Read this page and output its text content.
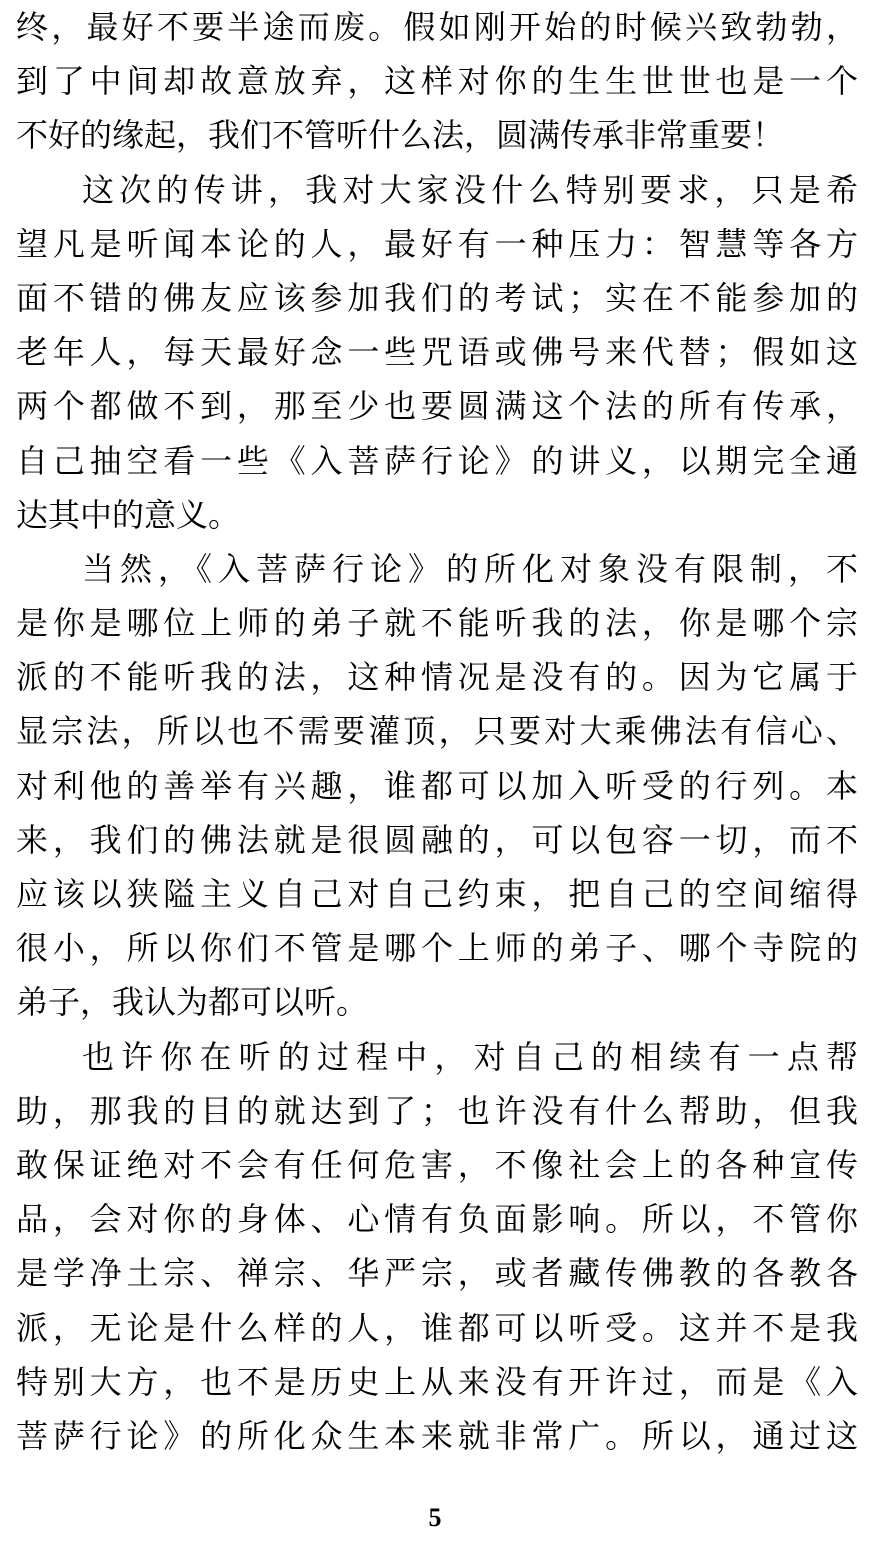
终，最好不要半途而废。假如刚开始的时候兴致勃勃，
到了中间却故意放弃，这样对你的生生世世也是一个
不好的缘起，我们不管听什么法，圆满传承非常重要！
这次的传讲，我对大家没什么特别要求，只是希
望凡是听闻本论的人，最好有一种压力：智慧等各方
面不错的佛友应该参加我们的考试；实在不能参加的
老年人，每天最好念一些咒语或佛号来代替；假如这
两个都做不到，那至少也要圆满这个法的所有传承，
自己抽空看一些《入菩萨行论》的讲义，以期完全通
达其中的意义。
当然，《入菩萨行论》的所化对象没有限制，不
是你是哪位上师的弟子就不能听我的法，你是哪个宗
派的不能听我的法，这种情况是没有的。因为它属于
显宗法，所以也不需要灌顶，只要对大乘佛法有信心、
对利他的善举有兴趣，谁都可以加入听受的行列。本
来，我们的佛法就是很圆融的，可以包容一切，而不
应该以狭隘主义自己对自己约束，把自己的空间缩得
很小，所以你们不管是哪个上师的弟子、哪个寺院的
弟子，我认为都可以听。
也许你在听的过程中，对自己的相续有一点帮
助，那我的目的就达到了；也许没有什么帮助，但我
敢保证绝对不会有任何危害，不像社会上的各种宣传
品，会对你的身体、心情有负面影响。所以，不管你
是学净土宗、禅宗、华严宗，或者藏传佛教的各教各
派，无论是什么样的人，谁都可以听受。这并不是我
特别大方，也不是历史上从来没有开许过，而是《入
菩萨行论》的所化众生本来就非常广。所以，通过这
5
